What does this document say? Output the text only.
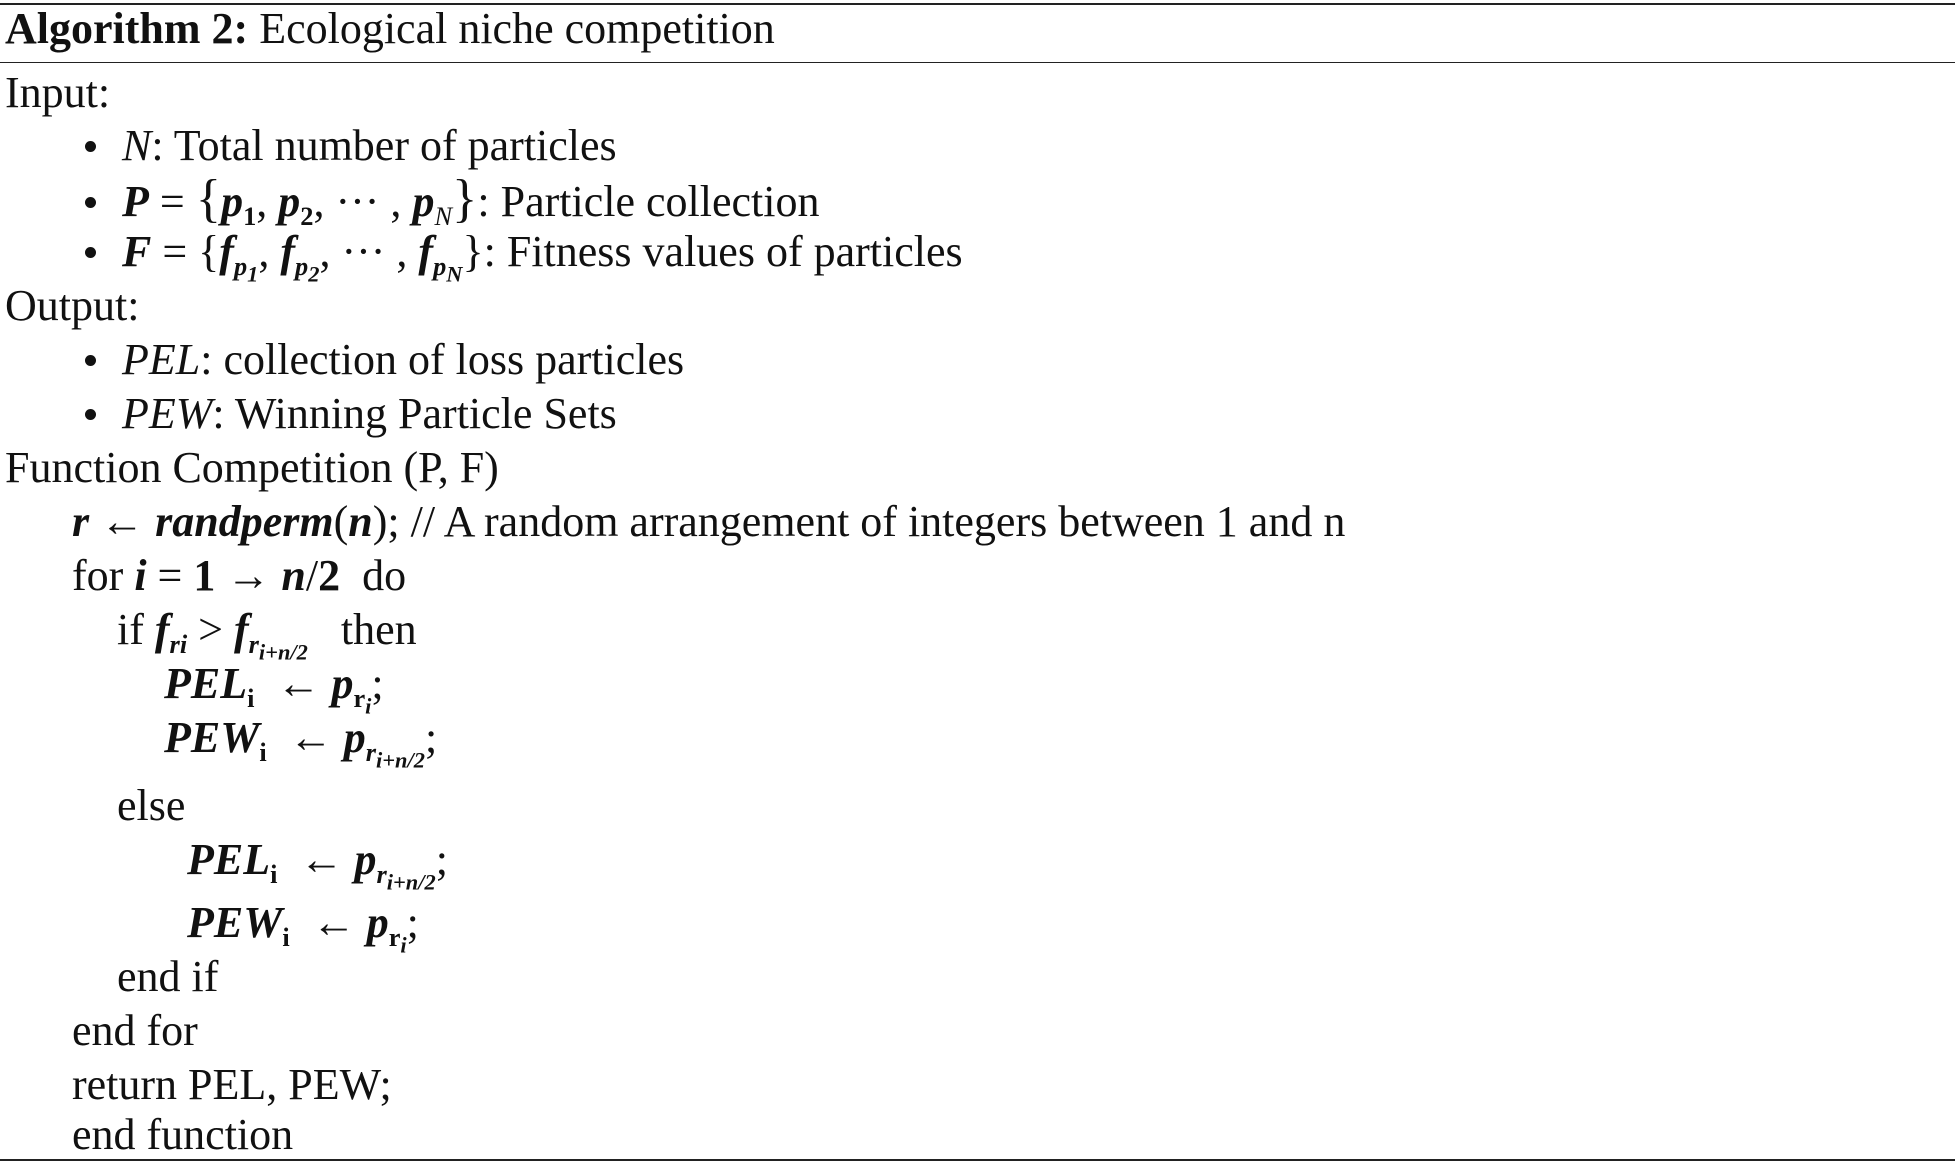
Algorithm 2: Ecological niche competition
Input:
N: Total number of particles
$P = \{p_1$, $p_2$, ··· , $p_N$}: Particle collection
$F = \{f_{p_1}$, $f_{p_2}$, ··· , $f_{p_N}$}: Fitness values of particles
Output:
PEL: collection of loss particles
PEW: Winning Particle Sets
Function Competition (P, F)
r ← randperm(n); // A random arrangement of integers between 1 and n
for i = 1 → n/2  do
if $f_{ri} > f_{r_{i+n/2}}$   then
$PEL_i$  ← $p_{r_i}$;
$PEW_i$  ← $p_{r_{i+n/2}}$;
else
$PEL_i$  ← $p_{r_{i+n/2}}$;
$PEW_i$  ← $p_{r_i}$;
end if
end for
return PEL, PEW;
end function
